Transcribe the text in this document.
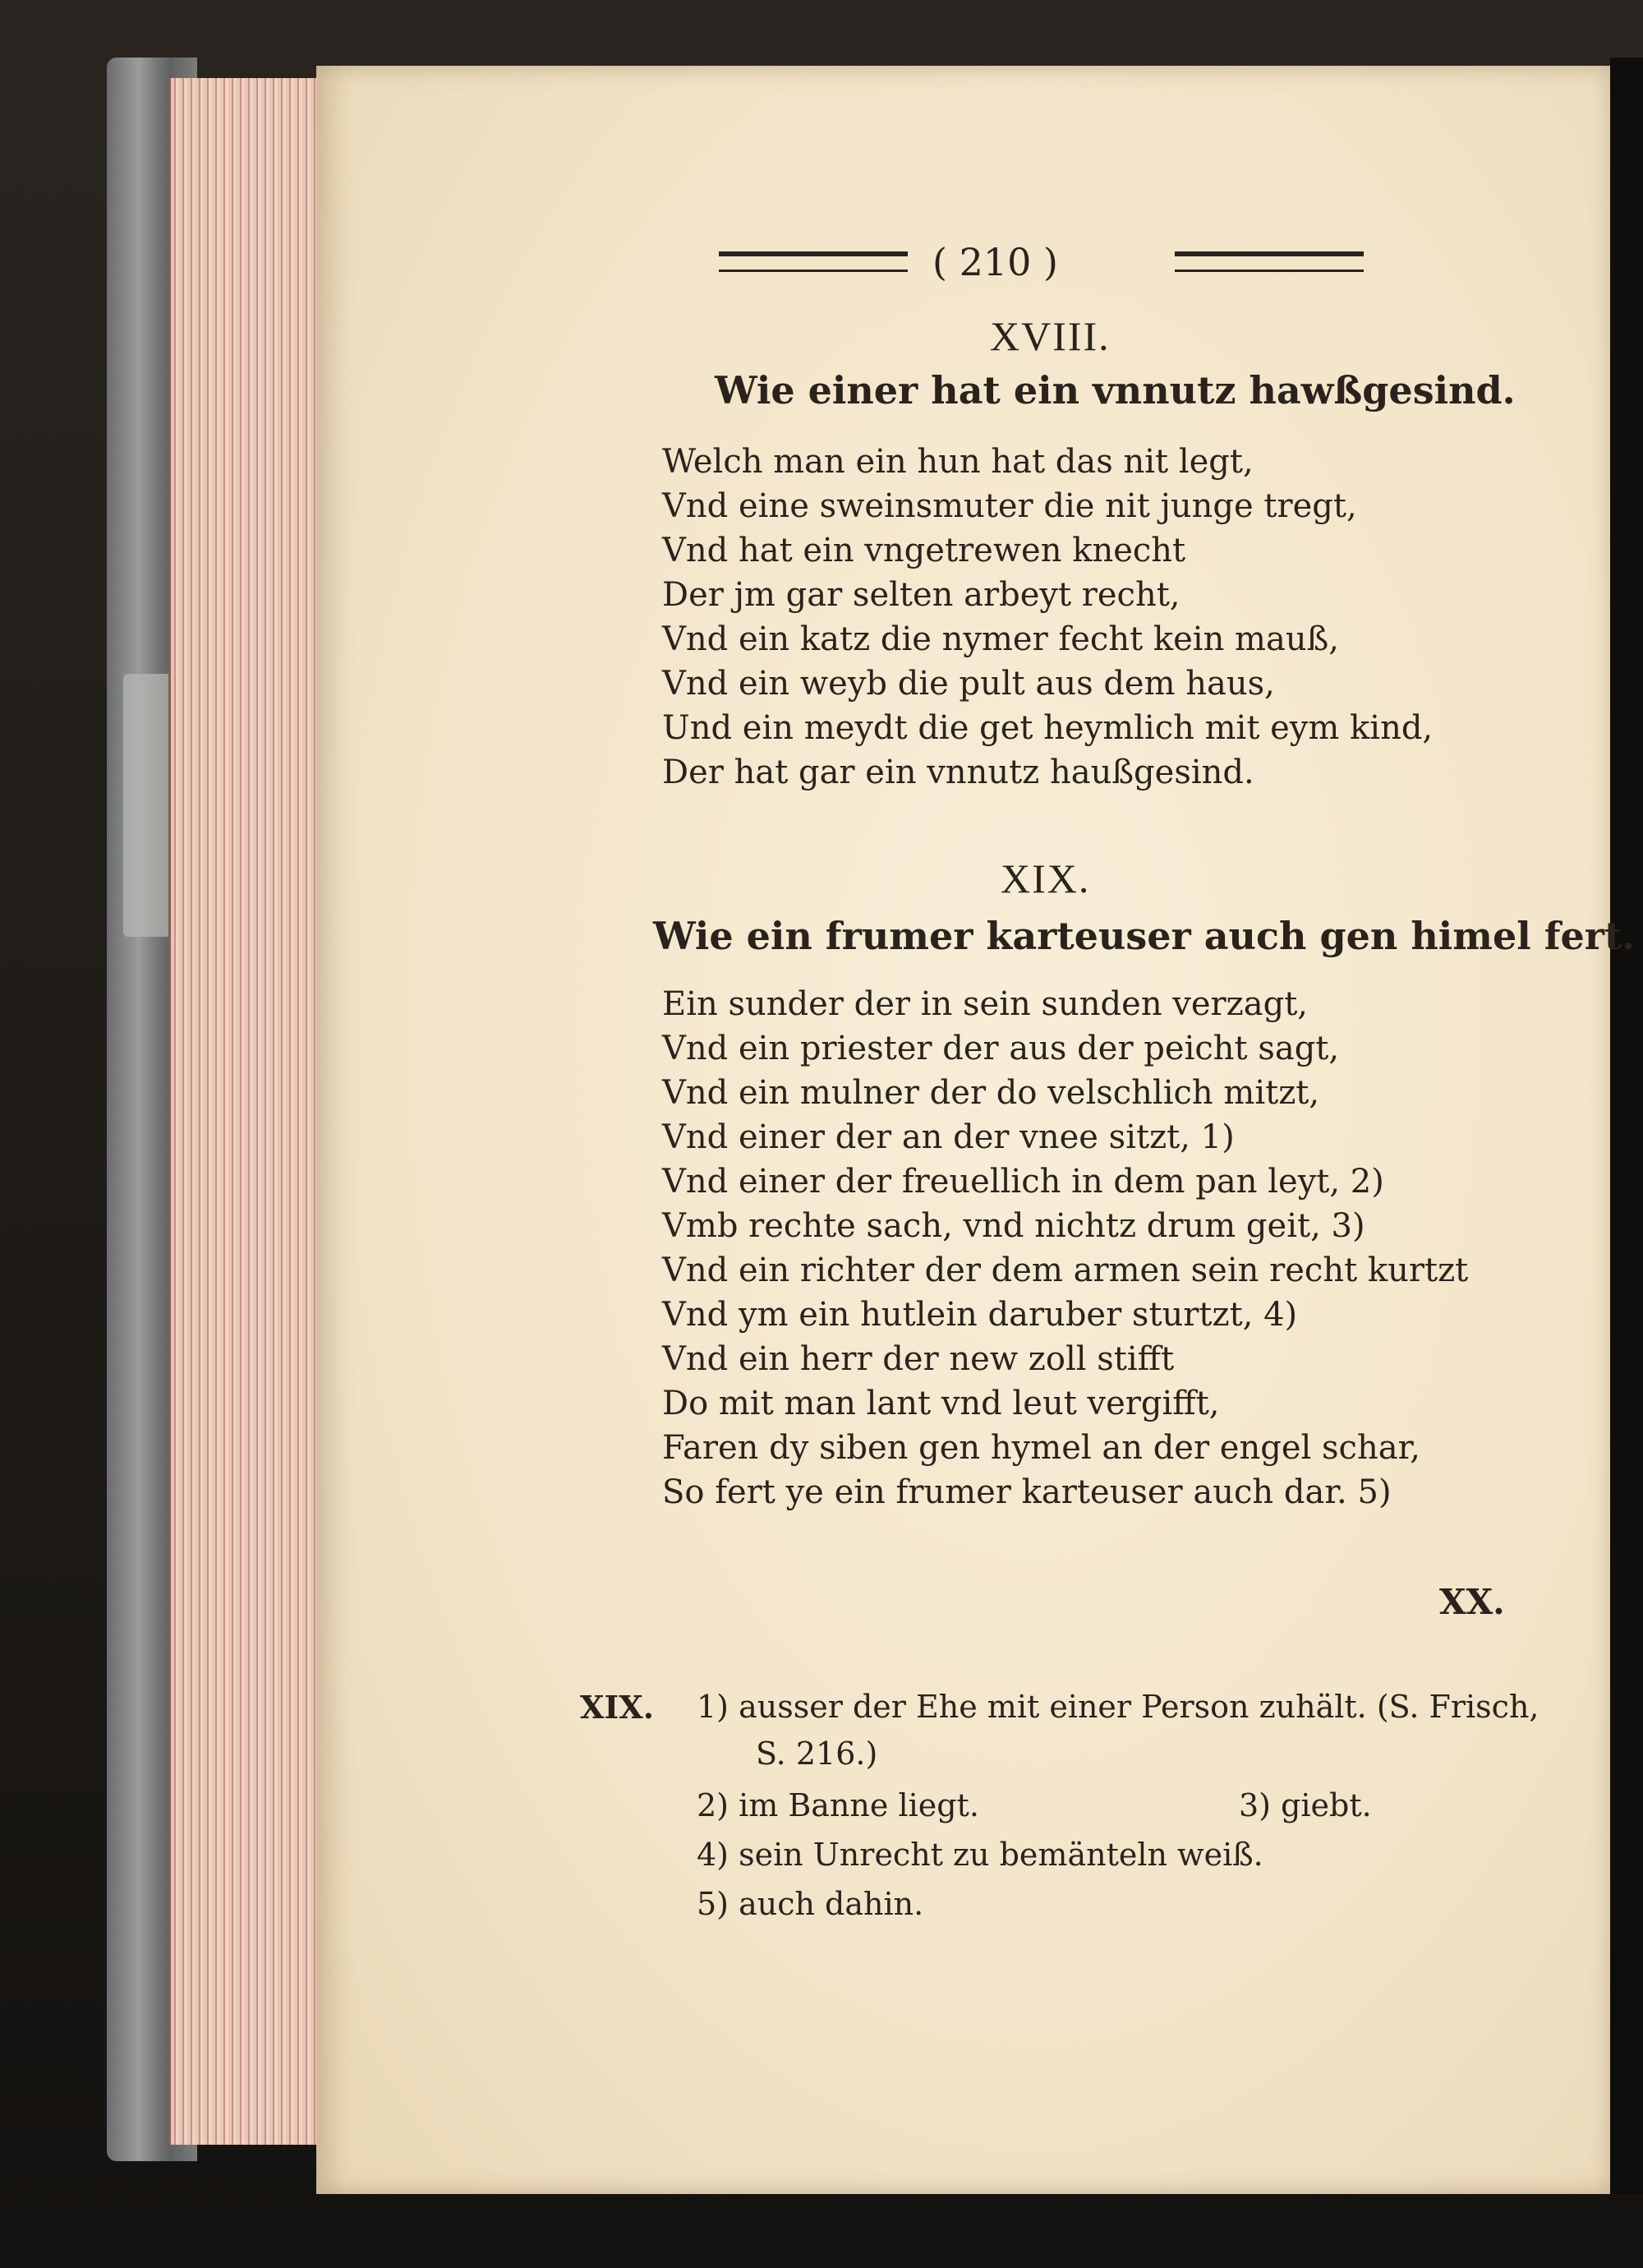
( 210 )
XVIII.
Wie einer hat ein vnnutz hawßgesind.
Welch man ein hun hat das nit legt,
Vnd eine sweinsmuter die nit junge tregt,
Vnd hat ein vngetrewen knecht
Der jm gar selten arbeyt recht,
Vnd ein katz die nymer fecht kein mauß,
Vnd ein weyb die pult aus dem haus,
Und ein meydt die get heymlich mit eym kind,
Der hat gar ein vnnutz haußgesind.
XIX.
Wie ein frumer karteuser auch gen himel fert.
Ein sunder der in sein sunden verzagt,
Vnd ein priester der aus der peicht sagt,
Vnd ein mulner der do velschlich mitzt,
Vnd einer der an der vnee sitzt, 1)
Vnd einer der freuellich in dem pan leyt, 2)
Vmb rechte sach, vnd nichtz drum geit, 3)
Vnd ein richter der dem armen sein recht kurtzt
Vnd ym ein hutlein daruber sturtzt, 4)
Vnd ein herr der new zoll stifft
Do mit man lant vnd leut vergifft,
Faren dy siben gen hymel an der engel schar,
So fert ye ein frumer karteuser auch dar. 5)
XX.
XIX. 1) ausser der Ehe mit einer Person zuhält. (S. Frisch,
S. 216.)
2) im Banne liegt.	3) giebt.
4) sein Unrecht zu bemänteln weiß.
5) auch dahin.
